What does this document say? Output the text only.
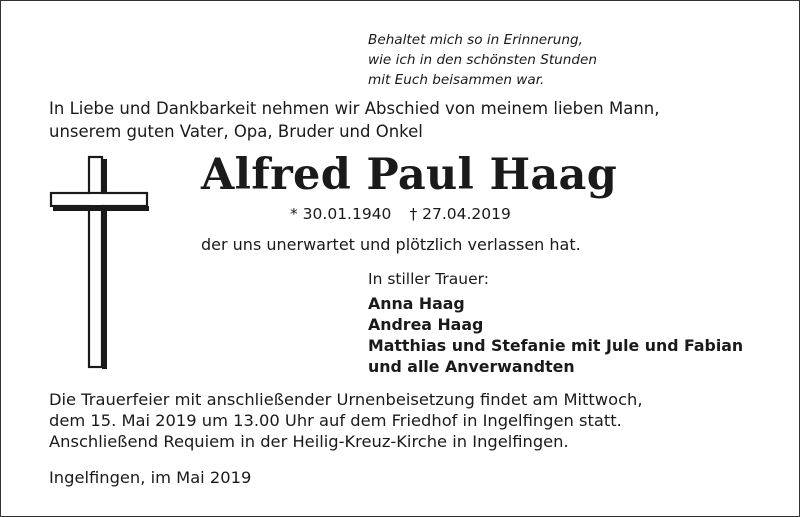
Behaltet mich so in Erinnerung,
wie ich in den schönsten Stunden
mit Euch beisammen war.
In Liebe und Dankbarkeit nehmen wir Abschied von meinem lieben Mann,
unserem guten Vater, Opa, Bruder und Onkel
Alfred Paul Haag
* 30.01.1940 † 27.04.2019
der uns unerwartet und plötzlich verlassen hat.
In stiller Trauer:
Anna Haag
Andrea Haag
Matthias und Stefanie mit Jule und Fabian
und alle Anverwandten
Die Trauerfeier mit anschließender Urnenbeisetzung findet am Mittwoch,
dem 15. Mai 2019 um 13.00 Uhr auf dem Friedhof in Ingelfingen statt.
Anschließend Requiem in der Heilig-Kreuz-Kirche in Ingelfingen.
Ingelfingen, im Mai 2019
